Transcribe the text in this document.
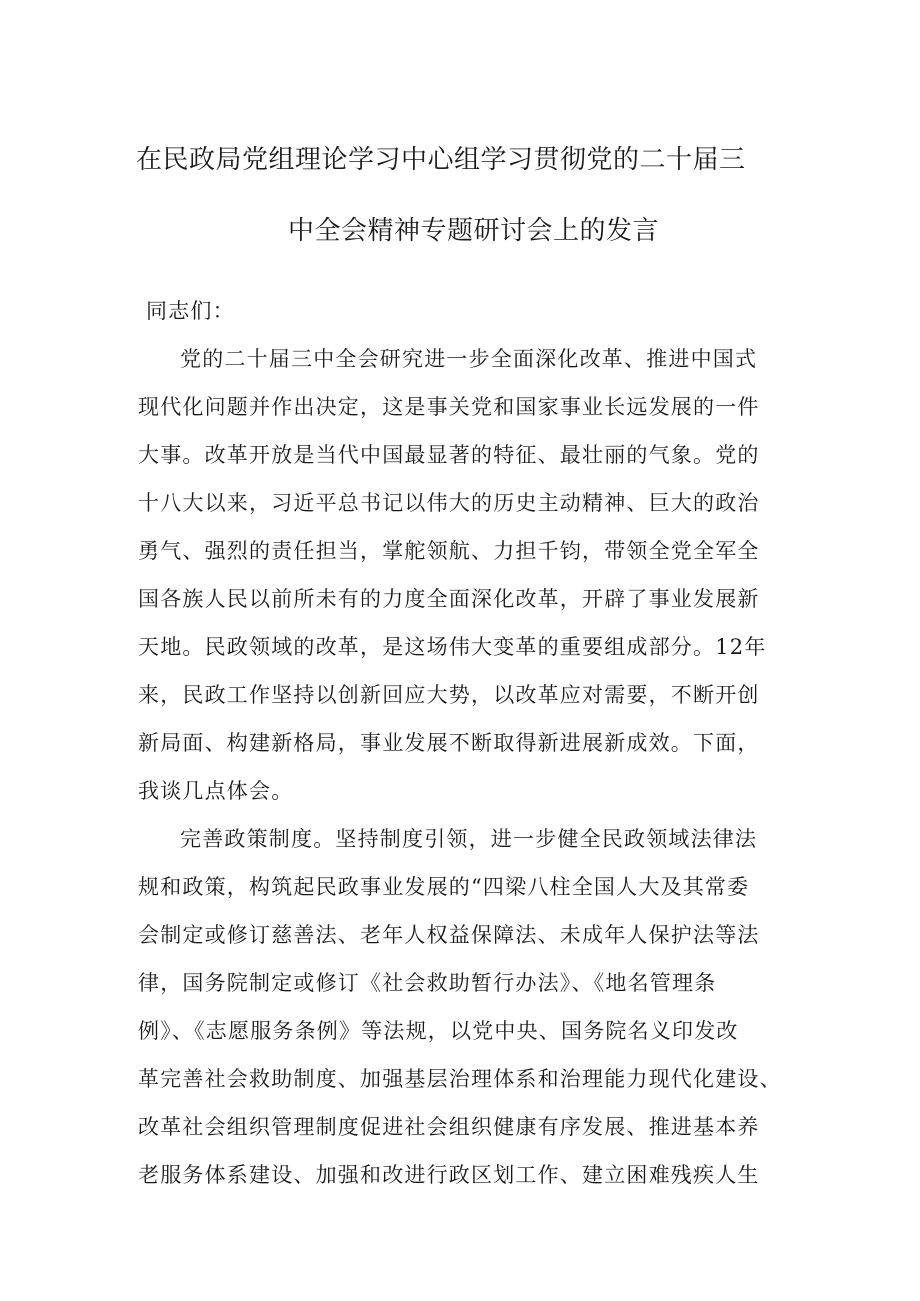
在民政局党组理论学习中心组学习贯彻党的二十届三
中全会精神专题研讨会上的发言
同志们：
党的二十届三中全会研究进一步全面深化改革、推进中国式
现代化问题并作出决定，这是事关党和国家事业长远发展的一件
大事。改革开放是当代中国最显著的特征、最壮丽的气象。党的
十八大以来，习近平总书记以伟大的历史主动精神、巨大的政治
勇气、强烈的责任担当，掌舵领航、力担千钧，带领全党全军全
国各族人民以前所未有的力度全面深化改革，开辟了事业发展新
天地。民政领域的改革，是这场伟大变革的重要组成部分。12年
来，民政工作坚持以创新回应大势，以改革应对需要，不断开创
新局面、构建新格局，事业发展不断取得新进展新成效。下面，
我谈几点体会。
完善政策制度。坚持制度引领，进一步健全民政领域法律法
规和政策，构筑起民政事业发展的“四梁八柱全国人大及其常委
会制定或修订慈善法、老年人权益保障法、未成年人保护法等法
律，国务院制定或修订《社会救助暂行办法》、《地名管理条
例》、《志愿服务条例》等法规，以党中央、国务院名义印发改
革完善社会救助制度、加强基层治理体系和治理能力现代化建设、
改革社会组织管理制度促进社会组织健康有序发展、推进基本养
老服务体系建设、加强和改进行政区划工作、建立困难残疾人生
